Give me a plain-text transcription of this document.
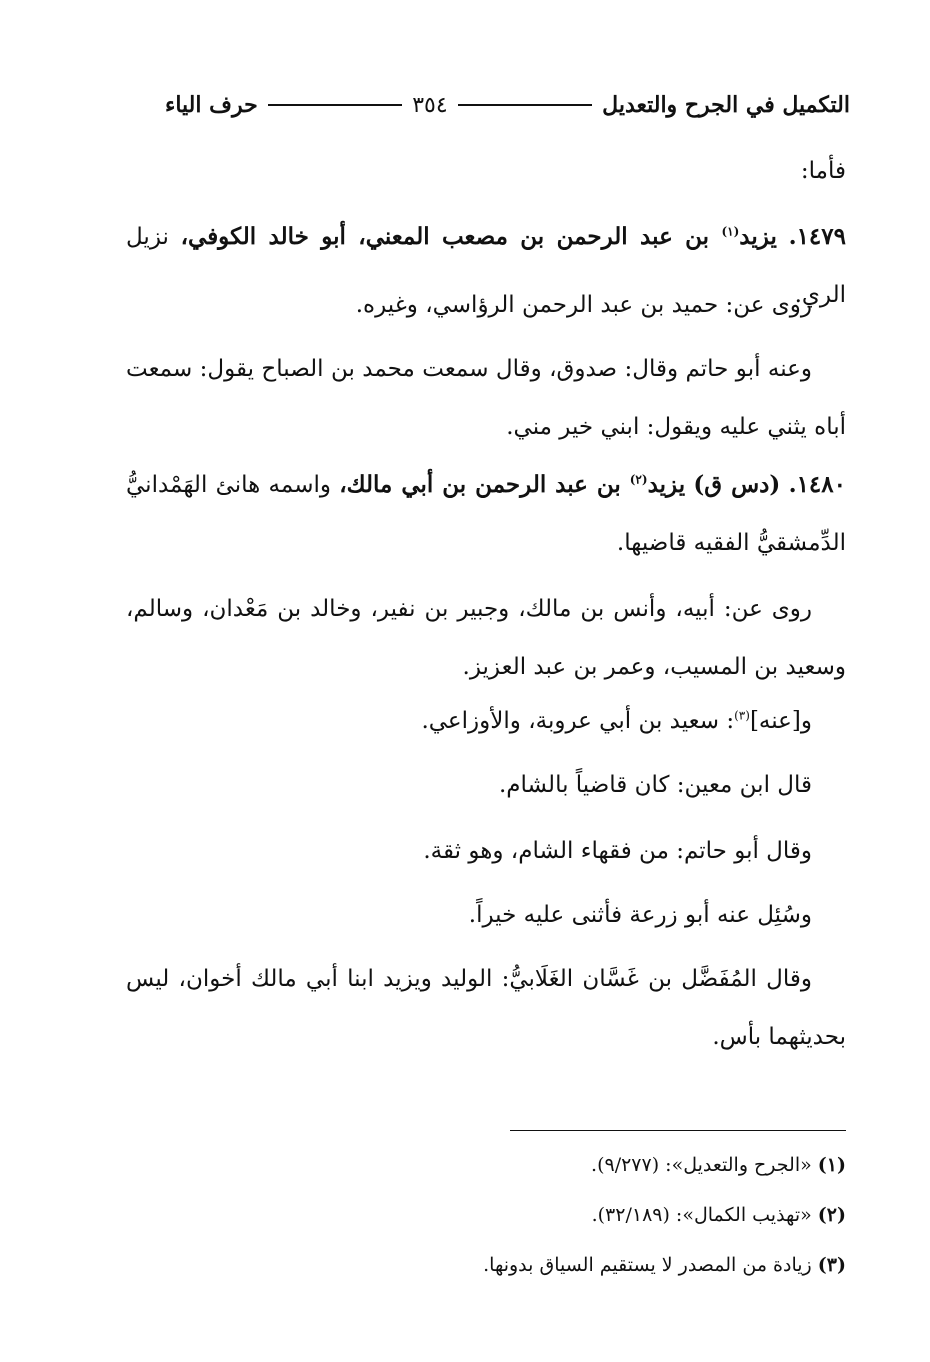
التكميل في الجرح والتعديل
٣٥٤
حرف الياء

فأما:

١٤٧٩. يزيد$^{(١)}$ بن عبد الرحمن بن مصعب المعني، أبو خالد الكوفي، نزيل الري.

روى عن: حميد بن عبد الرحمن الرؤاسي، وغيره.

وعنه أبو حاتم وقال: صدوق، وقال سمعت محمد بن الصباح يقول: سمعت أباه يثني عليه ويقول: ابني خير مني.

١٤٨٠. (دس ق) يزيد$^{(٢)}$ بن عبد الرحمن بن أبي مالك، واسمه هانئ الهَمْدانيُّ الدِّمشقيُّ الفقيه قاضيها.

روى عن: أبيه، وأنس بن مالك، وجبير بن نفير، وخالد بن مَعْدان، وسالم، وسعيد بن المسيب، وعمر بن عبد العزيز.

و[عنه]$^{(٣)}$: سعيد بن أبي عروبة، والأوزاعي.

قال ابن معين: كان قاضياً بالشام.

وقال أبو حاتم: من فقهاء الشام، وهو ثقة.

وسُئِل عنه أبو زرعة فأثنى عليه خيراً.

وقال المُفَضَّل بن غَسَّان الغَلَابيُّ: الوليد ويزيد ابنا أبي مالك أخوان، ليس بحديثهما بأس.

(١) «الجرح والتعديل»: (٩/٢٧٧).

(٢) «تهذيب الكمال»: (٣٢/١٨٩).

(٣) زيادة من المصدر لا يستقيم السياق بدونها.
